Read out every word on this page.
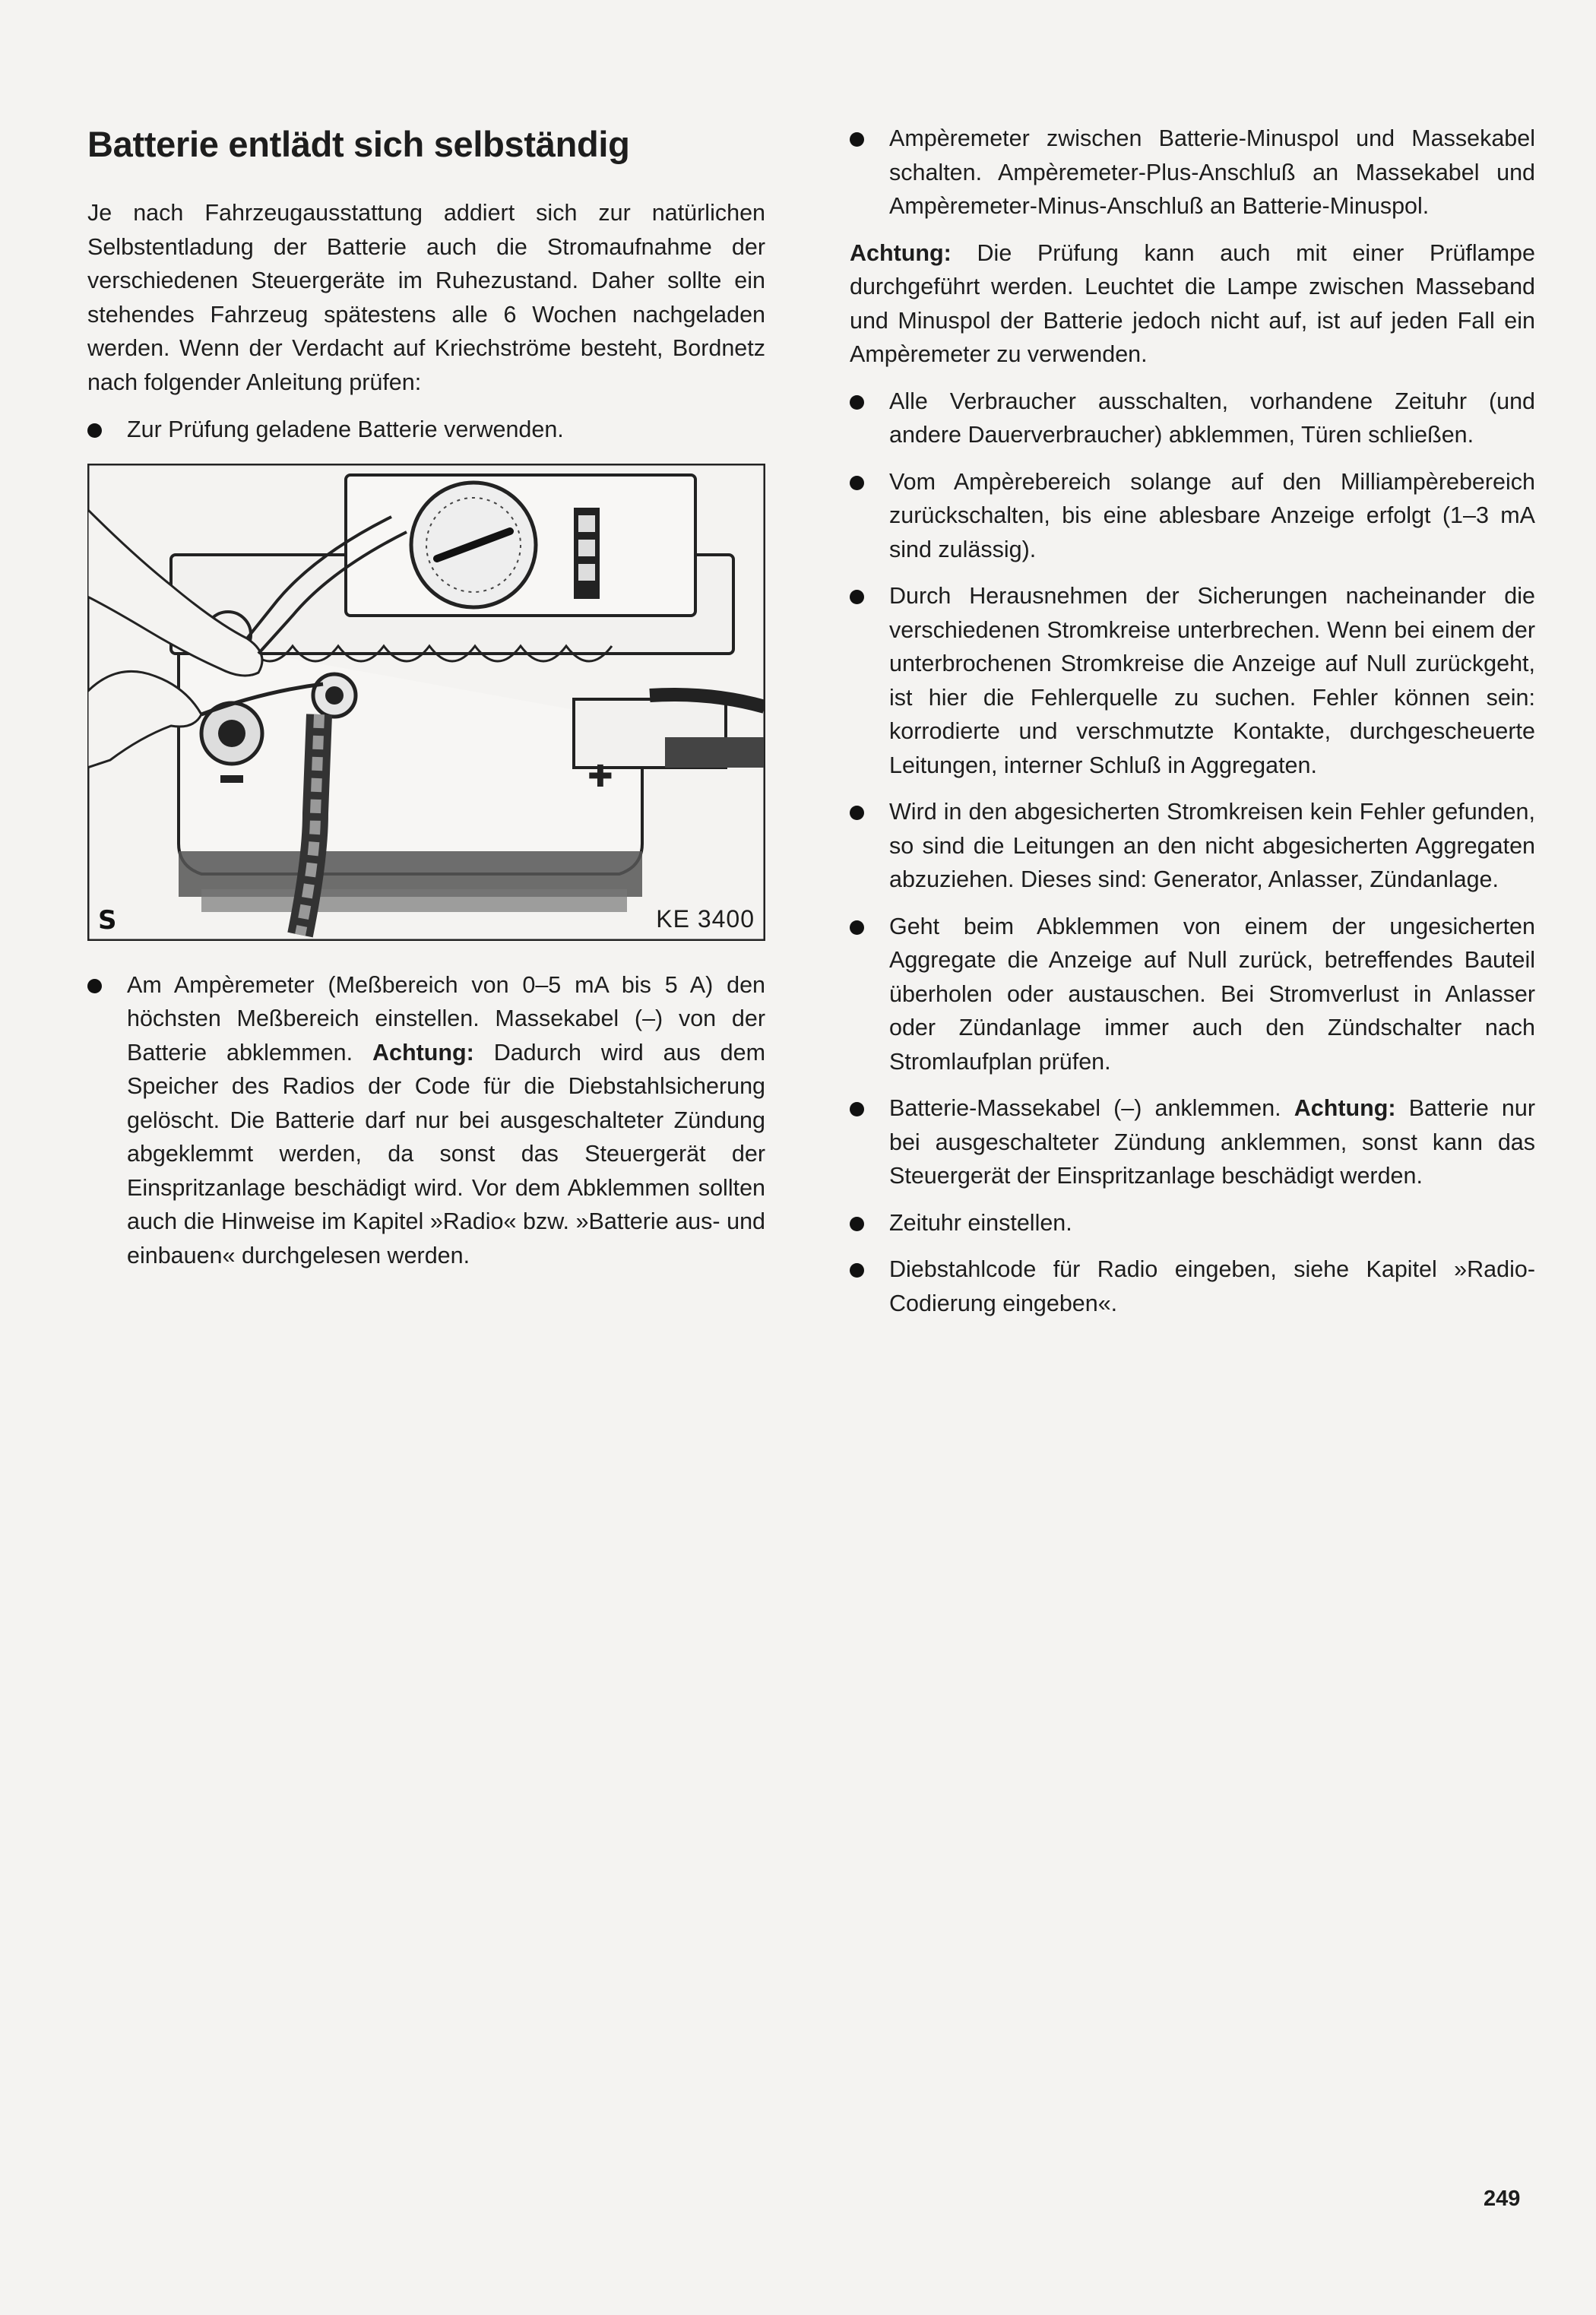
Batterie entlädt sich selbständig

Je nach Fahrzeugausstattung addiert sich zur natürlichen Selbstentladung der Batterie auch die Stromaufnahme der verschiedenen Steuergeräte im Ruhezustand. Daher sollte ein stehendes Fahrzeug spätestens alle 6 Wochen nachgeladen werden. Wenn der Verdacht auf Kriechströme besteht, Bordnetz nach folgender Anleitung prüfen:

Zur Prüfung geladene Batterie verwenden.
✚
S	KE 3400
Am Ampèremeter (Meßbereich von 0–5 mA bis 5 A) den höchsten Meßbereich einstellen. Massekabel (–) von der Batterie abklemmen. Achtung: Dadurch wird aus dem Speicher des Radios der Code für die Diebstahlsicherung gelöscht. Die Batterie darf nur bei ausgeschalteter Zündung abgeklemmt werden, da sonst das Steuergerät der Einspritzanlage beschädigt wird. Vor dem Abklemmen sollten auch die Hinweise im Kapitel »Radio« bzw. »Batterie aus- und einbauen« durchgelesen werden.
Ampèremeter zwischen Batterie-Minuspol und Massekabel schalten. Ampèremeter-Plus-Anschluß an Massekabel und Ampèremeter-Minus-Anschluß an Batterie-Minuspol.

Achtung: Die Prüfung kann auch mit einer Prüflampe durchgeführt werden. Leuchtet die Lampe zwischen Masseband und Minuspol der Batterie jedoch nicht auf, ist auf jeden Fall ein Ampèremeter zu verwenden.

Alle Verbraucher ausschalten, vorhandene Zeituhr (und andere Dauerverbraucher) abklemmen, Türen schließen.
Vom Ampèrebereich solange auf den Milliampèrebereich zurückschalten, bis eine ablesbare Anzeige erfolgt (1–3 mA sind zulässig).
Durch Herausnehmen der Sicherungen nacheinander die verschiedenen Stromkreise unterbrechen. Wenn bei einem der unterbrochenen Stromkreise die Anzeige auf Null zurückgeht, ist hier die Fehlerquelle zu suchen. Fehler können sein: korrodierte und verschmutzte Kontakte, durchgescheuerte Leitungen, interner Schluß in Aggregaten.
Wird in den abgesicherten Stromkreisen kein Fehler gefunden, so sind die Leitungen an den nicht abgesicherten Aggregaten abzuziehen. Dieses sind: Generator, Anlasser, Zündanlage.
Geht beim Abklemmen von einem der ungesicherten Aggregate die Anzeige auf Null zurück, betreffendes Bauteil überholen oder austauschen. Bei Stromverlust in Anlasser oder Zündanlage immer auch den Zündschalter nach Stromlaufplan prüfen.
Batterie-Massekabel (–) anklemmen. Achtung: Batterie nur bei ausgeschalteter Zündung anklemmen, sonst kann das Steuergerät der Einspritzanlage beschädigt werden.
Zeituhr einstellen.
Diebstahlcode für Radio eingeben, siehe Kapitel »Radio-Codierung eingeben«.
249
